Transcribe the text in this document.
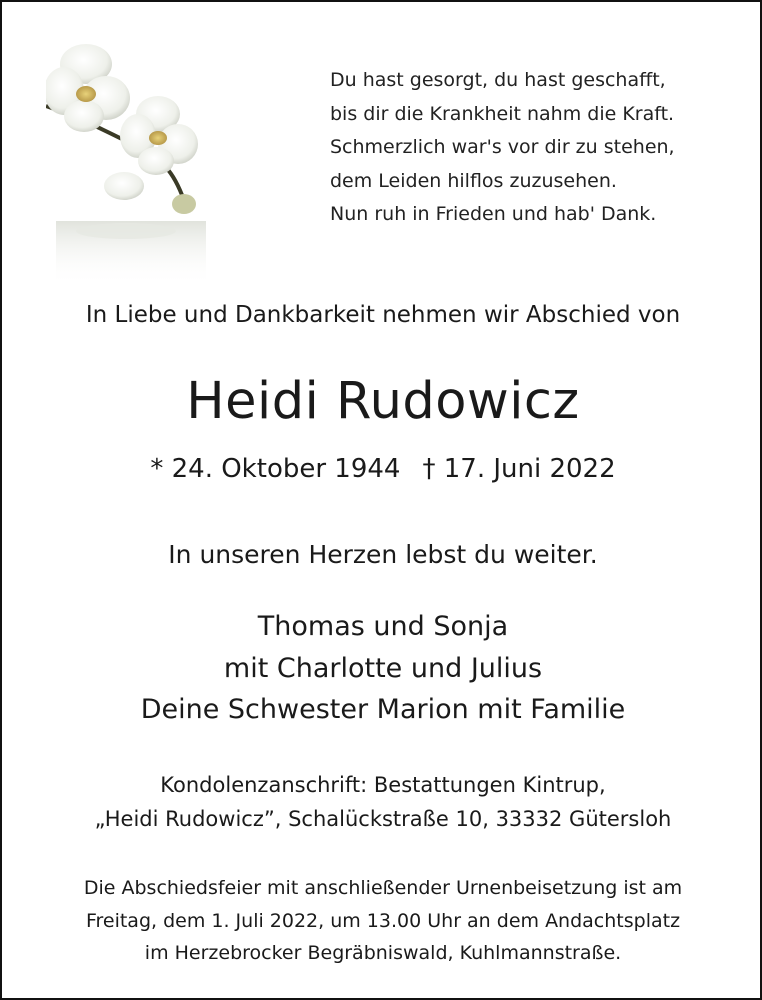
Du hast gesorgt, du hast geschafft,
bis dir die Krankheit nahm die Kraft.
Schmerzlich war's vor dir zu stehen,
dem Leiden hilflos zuzusehen.
Nun ruh in Frieden und hab' Dank.
In Liebe und Dankbarkeit nehmen wir Abschied von
Heidi Rudowicz
* 24. Oktober 1944 † 17. Juni 2022
In unseren Herzen lebst du weiter.
Thomas und Sonja
mit Charlotte und Julius
Deine Schwester Marion mit Familie
Kondolenzanschrift: Bestattungen Kintrup,
„Heidi Rudowicz”, Schalückstraße 10, 33332 Gütersloh
Die Abschiedsfeier mit anschließender Urnenbeisetzung ist am
Freitag, dem 1. Juli 2022, um 13.00 Uhr an dem Andachtsplatz
im Herzebrocker Begräbniswald, Kuhlmannstraße.
